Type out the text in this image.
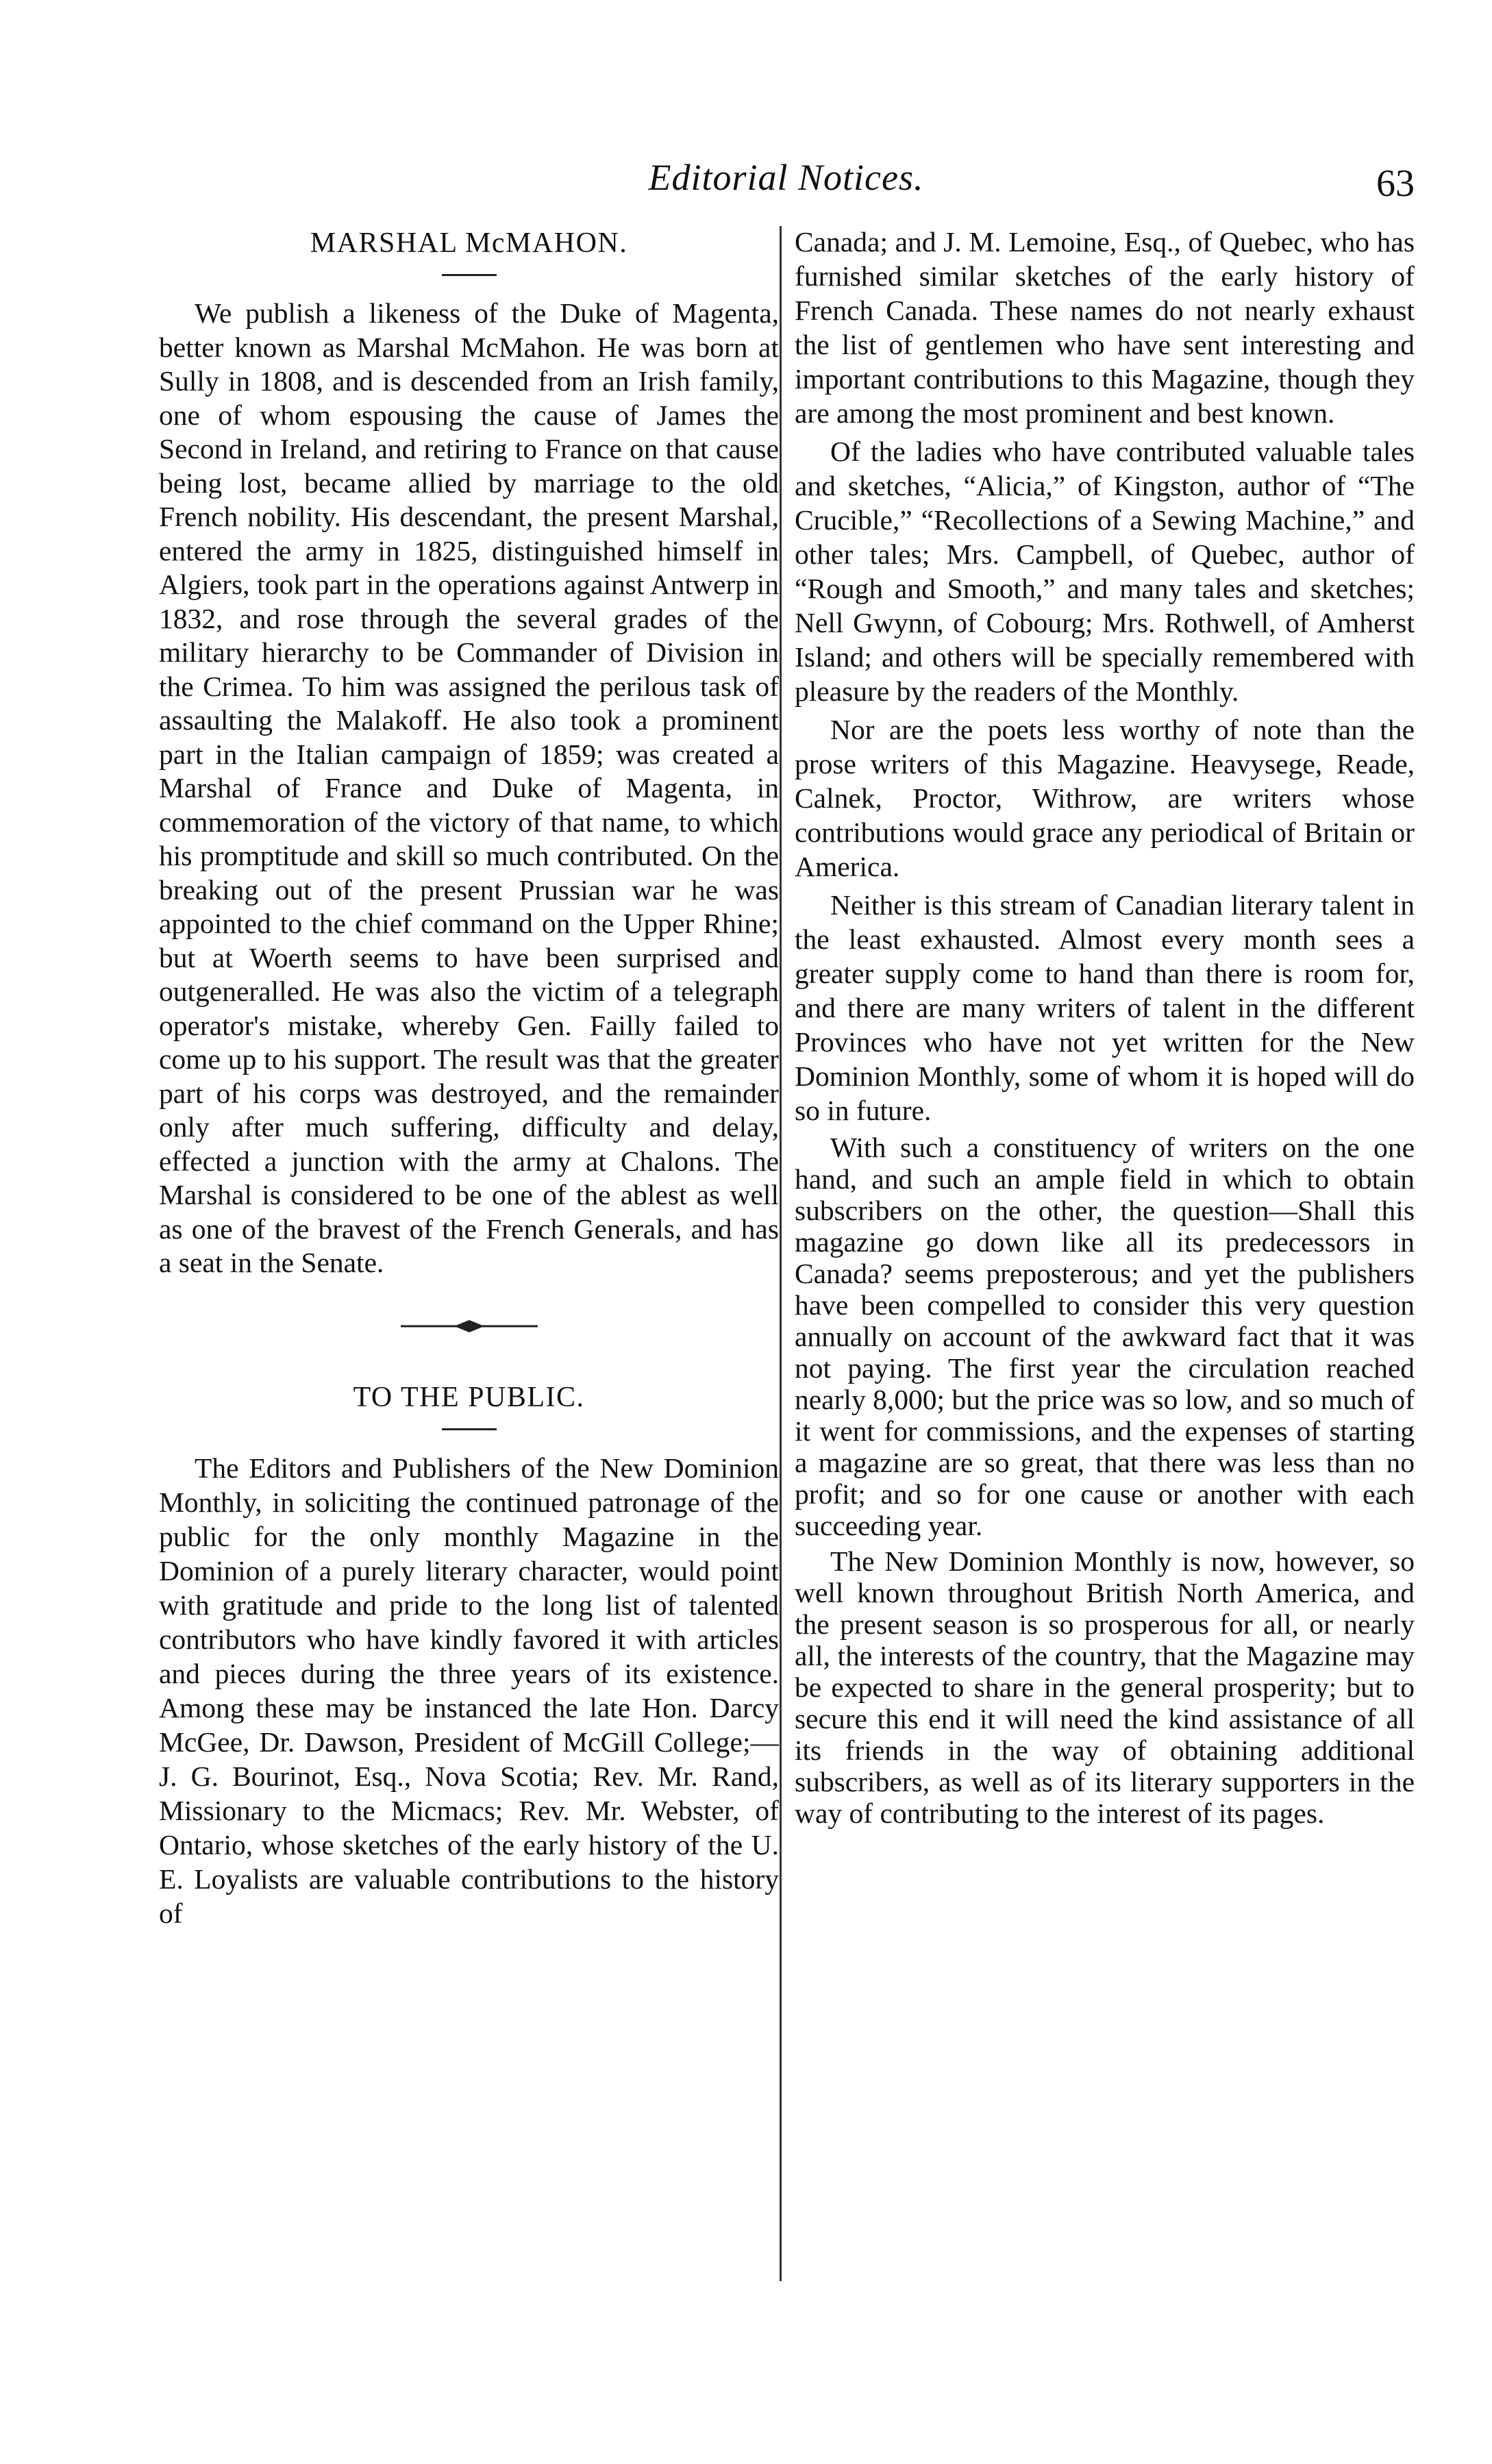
Editorial Notices.	63
MARSHAL McMAHON.

We publish a likeness of the Duke of Magenta, better known as Marshal McMahon. He was born at Sully in 1808, and is descended from an Irish family, one of whom espousing the cause of James the Second in Ireland, and retiring to France on that cause being lost, became allied by marriage to the old French nobility. His descendant, the present Marshal, entered the army in 1825, distinguished himself in Algiers, took part in the operations against Antwerp in 1832, and rose through the several grades of the military hierarchy to be Commander of Division in the Crimea. To him was assigned the perilous task of assaulting the Malakoff. He also took a prominent part in the Italian campaign of 1859; was created a Marshal of France and Duke of Magenta, in commemoration of the victory of that name, to which his promptitude and skill so much contributed. On the breaking out of the present Prussian war he was appointed to the chief command on the Upper Rhine; but at Woerth seems to have been surprised and outgeneralled. He was also the victim of a telegraph operator's mistake, whereby Gen. Failly failed to come up to his support. The result was that the greater part of his corps was destroyed, and the remainder only after much suffering, difficulty and delay, effected a junction with the army at Chalons. The Marshal is considered to be one of the ablest as well as one of the bravest of the French Generals, and has a seat in the Senate.

TO THE PUBLIC.

The Editors and Publishers of the New Dominion Monthly, in soliciting the continued patronage of the public for the only monthly Magazine in the Dominion of a purely literary character, would point with gratitude and pride to the long list of talented contributors who have kindly favored it with articles and pieces during the three years of its existence. Among these may be instanced the late Hon. Darcy McGee, Dr. Dawson, President of McGill College;—J. G. Bourinot, Esq., Nova Scotia; Rev. Mr. Rand, Missionary to the Micmacs; Rev. Mr. Webster, of Ontario, whose sketches of the early history of the U. E. Loyalists are valuable contributions to the history of

Canada; and J. M. Lemoine, Esq., of Quebec, who has furnished similar sketches of the early history of French Canada. These names do not nearly exhaust the list of gentlemen who have sent interesting and important contributions to this Magazine, though they are among the most prominent and best known.

Of the ladies who have contributed valuable tales and sketches, “Alicia,” of Kingston, author of “The Crucible,” “Recollections of a Sewing Machine,” and other tales; Mrs. Campbell, of Quebec, author of “Rough and Smooth,” and many tales and sketches; Nell Gwynn, of Cobourg; Mrs. Rothwell, of Amherst Island; and others will be specially remembered with pleasure by the readers of the Monthly.

Nor are the poets less worthy of note than the prose writers of this Magazine. Heavysege, Reade, Calnek, Proctor, Withrow, are writers whose contributions would grace any periodical of Britain or America.

Neither is this stream of Canadian literary talent in the least exhausted. Almost every month sees a greater supply come to hand than there is room for, and there are many writers of talent in the different Provinces who have not yet written for the New Dominion Monthly, some of whom it is hoped will do so in future.

With such a constituency of writers on the one hand, and such an ample field in which to obtain subscribers on the other, the question—Shall this magazine go down like all its predecessors in Canada? seems preposterous; and yet the publishers have been compelled to consider this very question annually on account of the awkward fact that it was not paying. The first year the circulation reached nearly 8,000; but the price was so low, and so much of it went for commissions, and the expenses of starting a magazine are so great, that there was less than no profit; and so for one cause or another with each succeeding year.

The New Dominion Monthly is now, however, so well known throughout British North America, and the present season is so prosperous for all, or nearly all, the interests of the country, that the Magazine may be expected to share in the general prosperity; but to secure this end it will need the kind assistance of all its friends in the way of obtaining additional subscribers, as well as of its literary supporters in the way of contributing to the interest of its pages.
